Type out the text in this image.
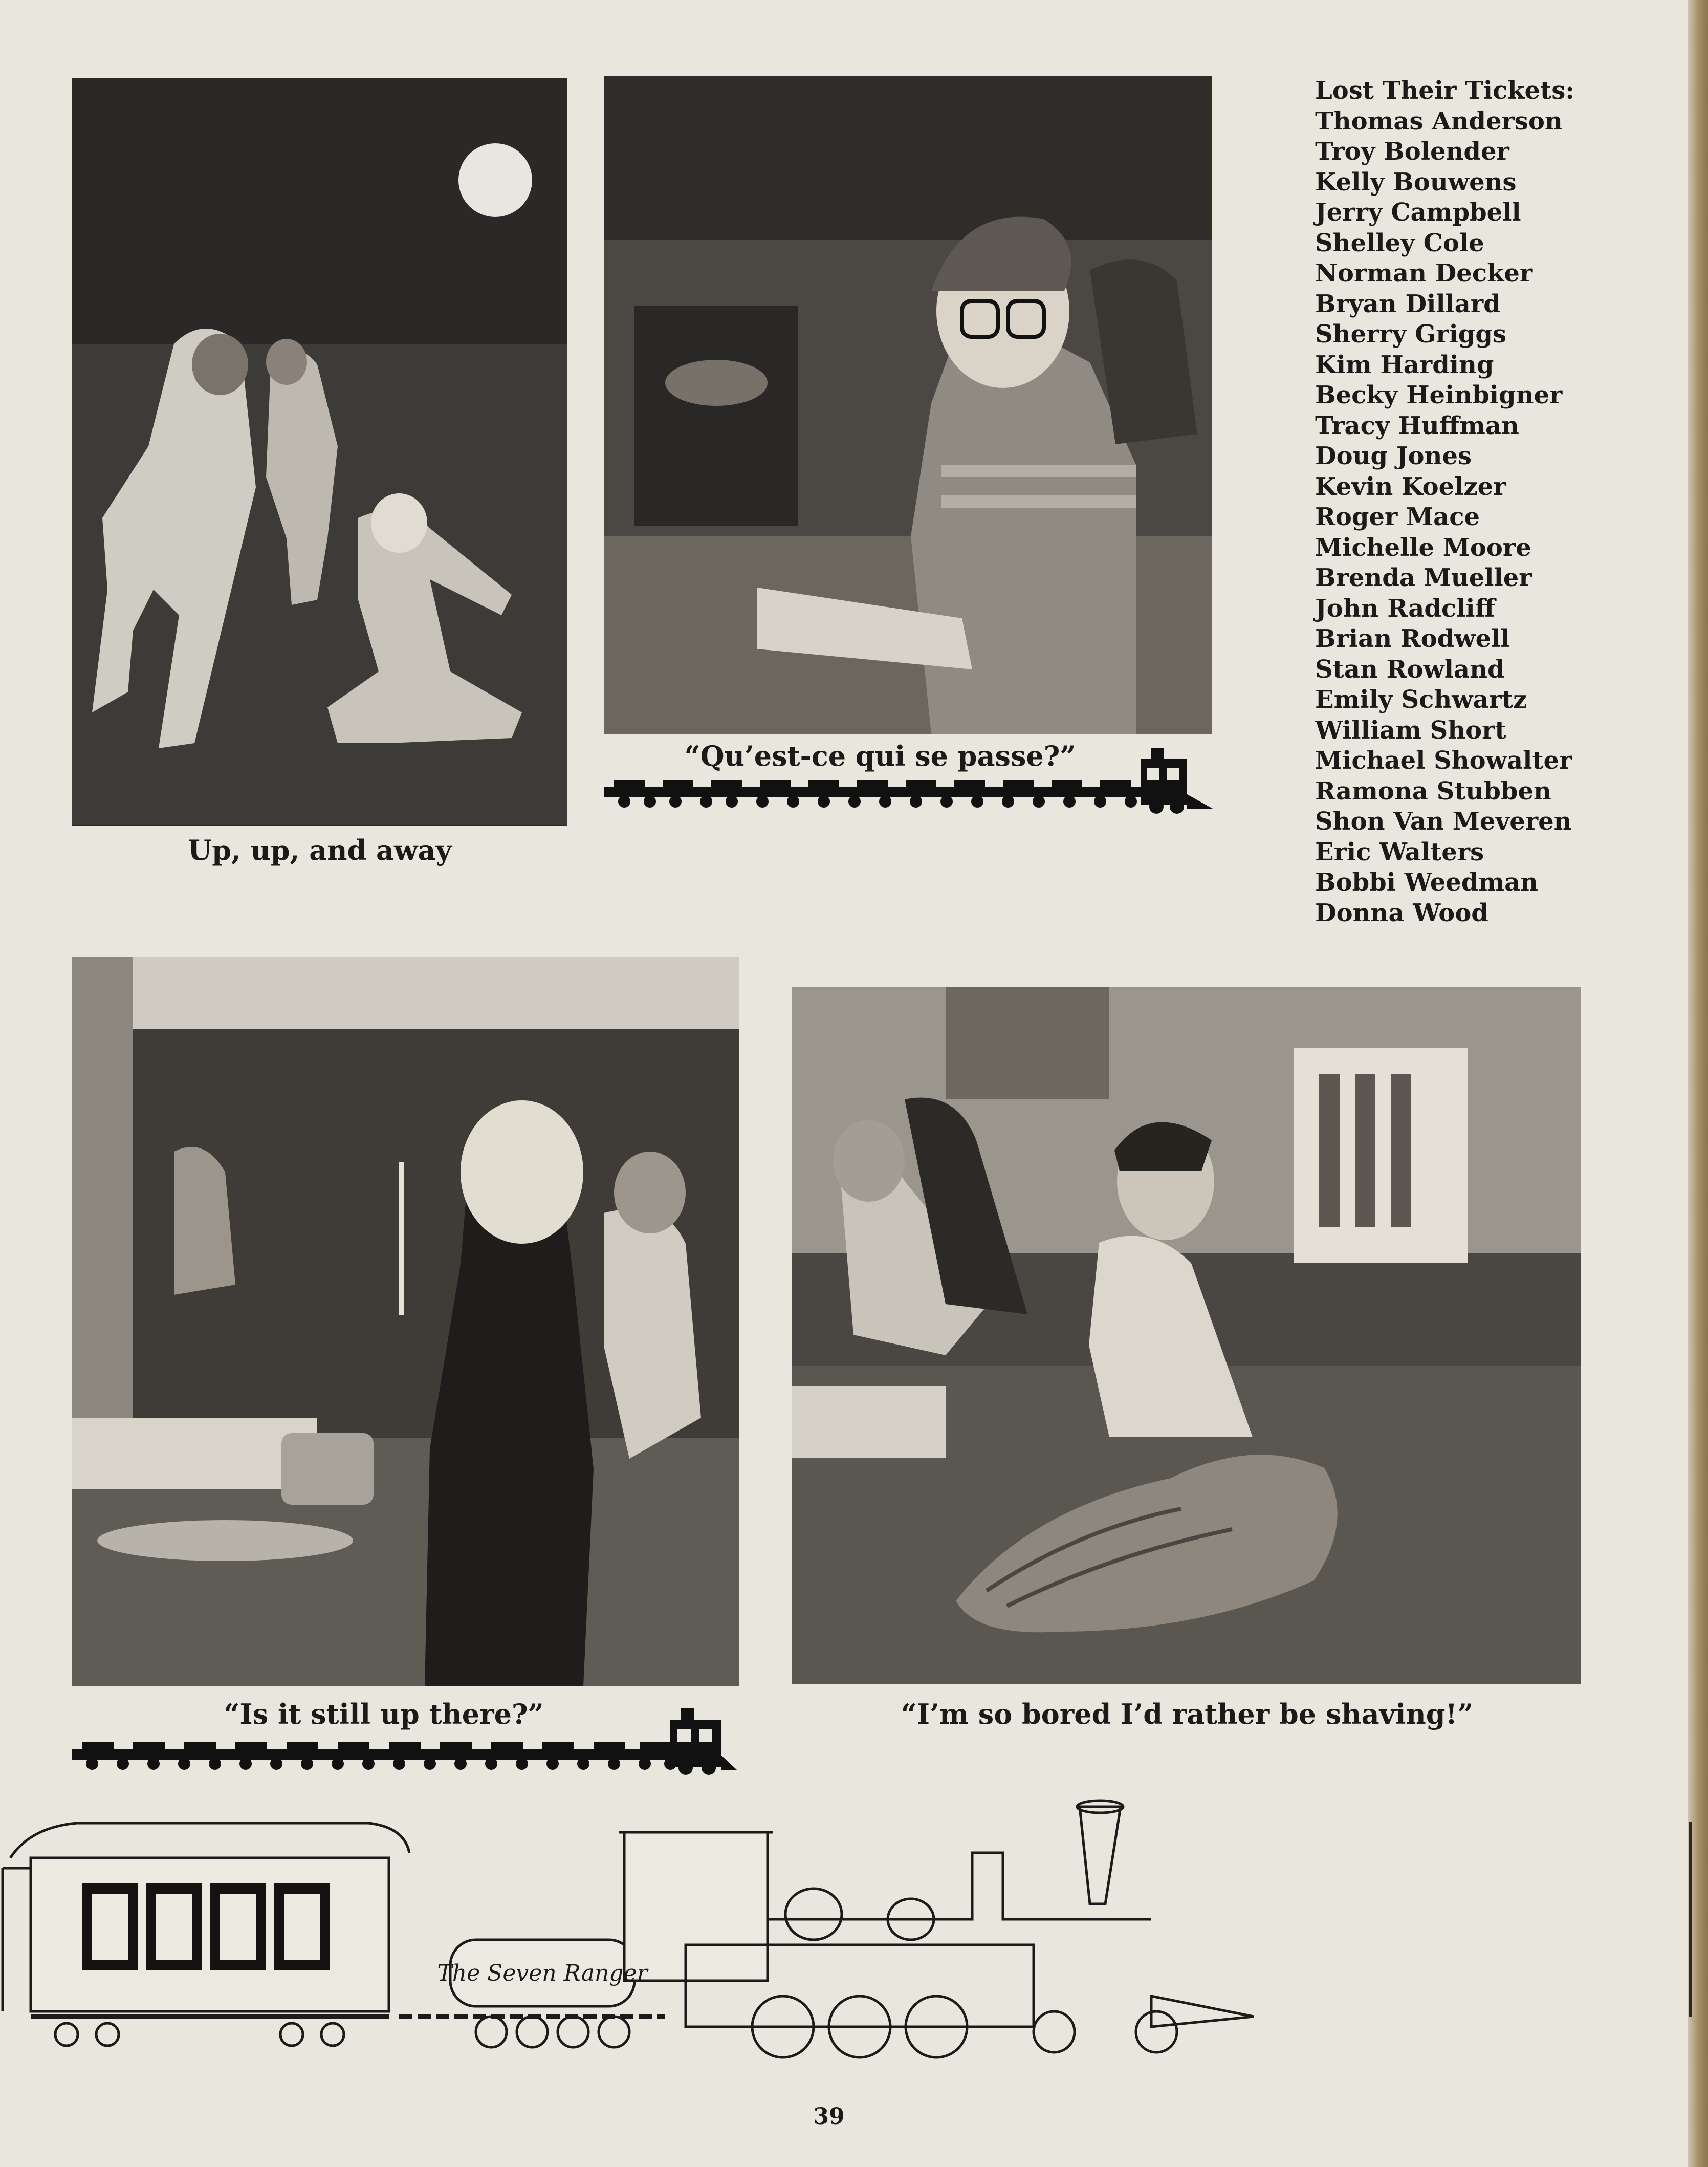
Up, up, and away
“Qu’est-ce qui se passe?”
Lost Their Tickets:
Thomas Anderson
Troy Bolender
Kelly Bouwens
Jerry Campbell
Shelley Cole
Norman Decker
Bryan Dillard
Sherry Griggs
Kim Harding
Becky Heinbigner
Tracy Huffman
Doug Jones
Kevin Koelzer
Roger Mace
Michelle Moore
Brenda Mueller
John Radcliff
Brian Rodwell
Stan Rowland
Emily Schwartz
William Short
Michael Showalter
Ramona Stubben
Shon Van Meveren
Eric Walters
Bobbi Weedman
Donna Wood
“Is it still up there?”	“I’m so bored I’d rather be shaving!”
The Seven Ranger
39
